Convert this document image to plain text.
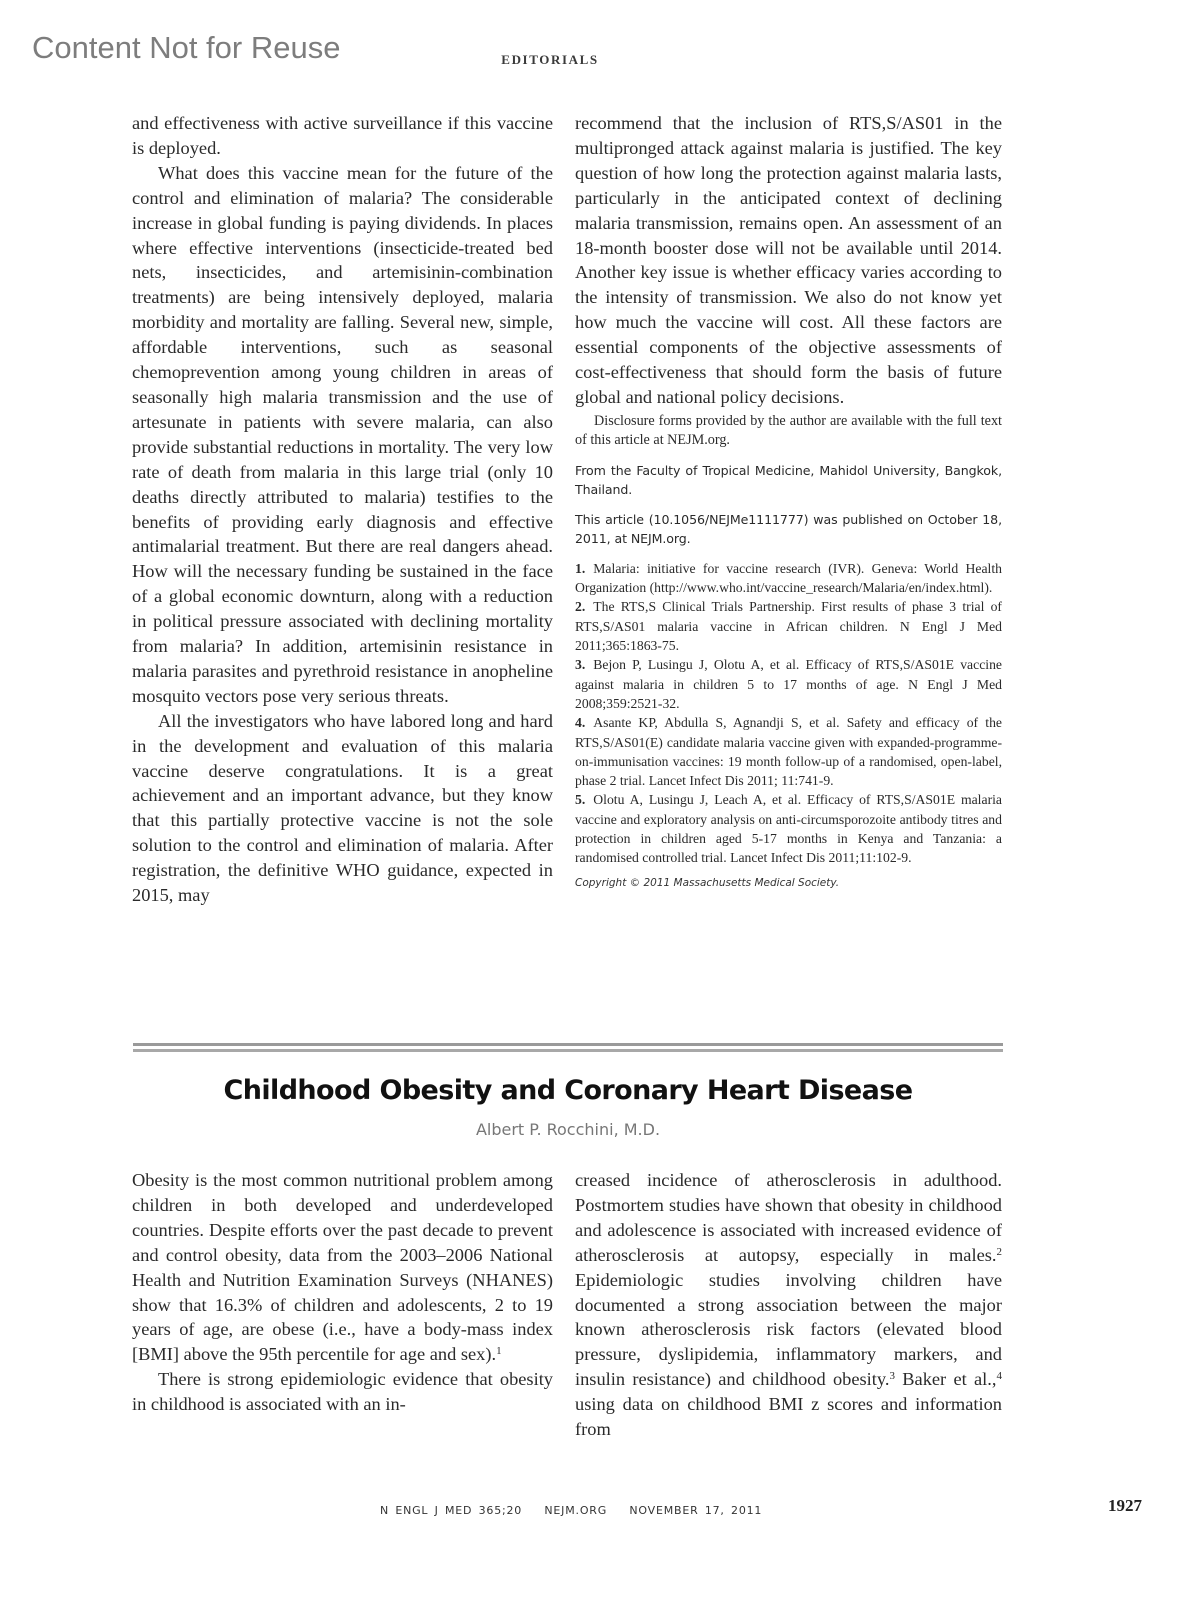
Content Not for Reuse	EDITORIALS

and effectiveness with active surveillance if this vaccine is deployed.

What does this vaccine mean for the future of the control and elimination of malaria? The considerable increase in global funding is paying dividends. In places where effective interventions (insecticide-treated bed nets, insecticides, and artemisinin-combination treatments) are being intensively deployed, malaria morbidity and mortality are falling. Several new, simple, affordable interventions, such as seasonal chemoprevention among young children in areas of seasonally high malaria transmission and the use of artesunate in patients with severe malaria, can also provide substantial reductions in mortality. The very low rate of death from malaria in this large trial (only 10 deaths directly attributed to malaria) testifies to the benefits of providing early diagnosis and effective antimalarial treatment. But there are real dangers ahead. How will the necessary funding be sustained in the face of a global economic downturn, along with a reduction in political pressure associated with declining mortality from malaria? In addition, artemisinin resistance in malaria parasites and pyrethroid resistance in anopheline mosquito vectors pose very serious threats.

All the investigators who have labored long and hard in the development and evaluation of this malaria vaccine deserve congratulations. It is a great achievement and an important advance, but they know that this partially protective vaccine is not the sole solution to the control and elimination of malaria. After registration, the definitive WHO guidance, expected in 2015, may

recommend that the inclusion of RTS,S/AS01 in the multipronged attack against malaria is justified. The key question of how long the protection against malaria lasts, particularly in the anticipated context of declining malaria transmission, remains open. An assessment of an 18-month booster dose will not be available until 2014. Another key issue is whether efficacy varies according to the intensity of transmission. We also do not know yet how much the vaccine will cost. All these factors are essential components of the objective assessments of cost-effectiveness that should form the basis of future global and national policy decisions.

Disclosure forms provided by the author are available with the full text of this article at NEJM.org.

From the Faculty of Tropical Medicine, Mahidol University, Bangkok, Thailand.

This article (10.1056/NEJMe1111777) was published on October 18, 2011, at NEJM.org.

1. Malaria: initiative for vaccine research (IVR). Geneva: World Health Organization (http://www.who.int/vaccine_research/Malaria/en/index.html).
2. The RTS,S Clinical Trials Partnership. First results of phase 3 trial of RTS,S/AS01 malaria vaccine in African children. N Engl J Med 2011;365:1863-75.
3. Bejon P, Lusingu J, Olotu A, et al. Efficacy of RTS,S/AS01E vaccine against malaria in children 5 to 17 months of age. N Engl J Med 2008;359:2521-32.
4. Asante KP, Abdulla S, Agnandji S, et al. Safety and efficacy of the RTS,S/AS01(E) candidate malaria vaccine given with expanded-programme-on-immunisation vaccines: 19 month follow-up of a randomised, open-label, phase 2 trial. Lancet Infect Dis 2011; 11:741-9.
5. Olotu A, Lusingu J, Leach A, et al. Efficacy of RTS,S/AS01E malaria vaccine and exploratory analysis on anti-circumsporozoite antibody titres and protection in children aged 5-17 months in Kenya and Tanzania: a randomised controlled trial. Lancet Infect Dis 2011;11:102-9.
Copyright © 2011 Massachusetts Medical Society.
Childhood Obesity and Coronary Heart Disease
Albert P. Rocchini, M.D.

Obesity is the most common nutritional problem among children in both developed and underdeveloped countries. Despite efforts over the past decade to prevent and control obesity, data from the 2003–2006 National Health and Nutrition Examination Surveys (NHANES) show that 16.3% of children and adolescents, 2 to 19 years of age, are obese (i.e., have a body-mass index [BMI] above the 95th percentile for age and sex).$^1$

There is strong epidemiologic evidence that obesity in childhood is associated with an in-

creased incidence of atherosclerosis in adulthood. Postmortem studies have shown that obesity in childhood and adolescence is associated with increased evidence of atherosclerosis at autopsy, especially in males.$^2$ Epidemiologic studies involving children have documented a strong association between the major known atherosclerosis risk factors (elevated blood pressure, dyslipidemia, inflammatory markers, and insulin resistance) and childhood obesity.$^3$ Baker et al.,$^4$ using data on childhood BMI z scores and information from

N ENGL J MED 365;20 NEJM.ORG NOVEMBER 17, 2011	1927
